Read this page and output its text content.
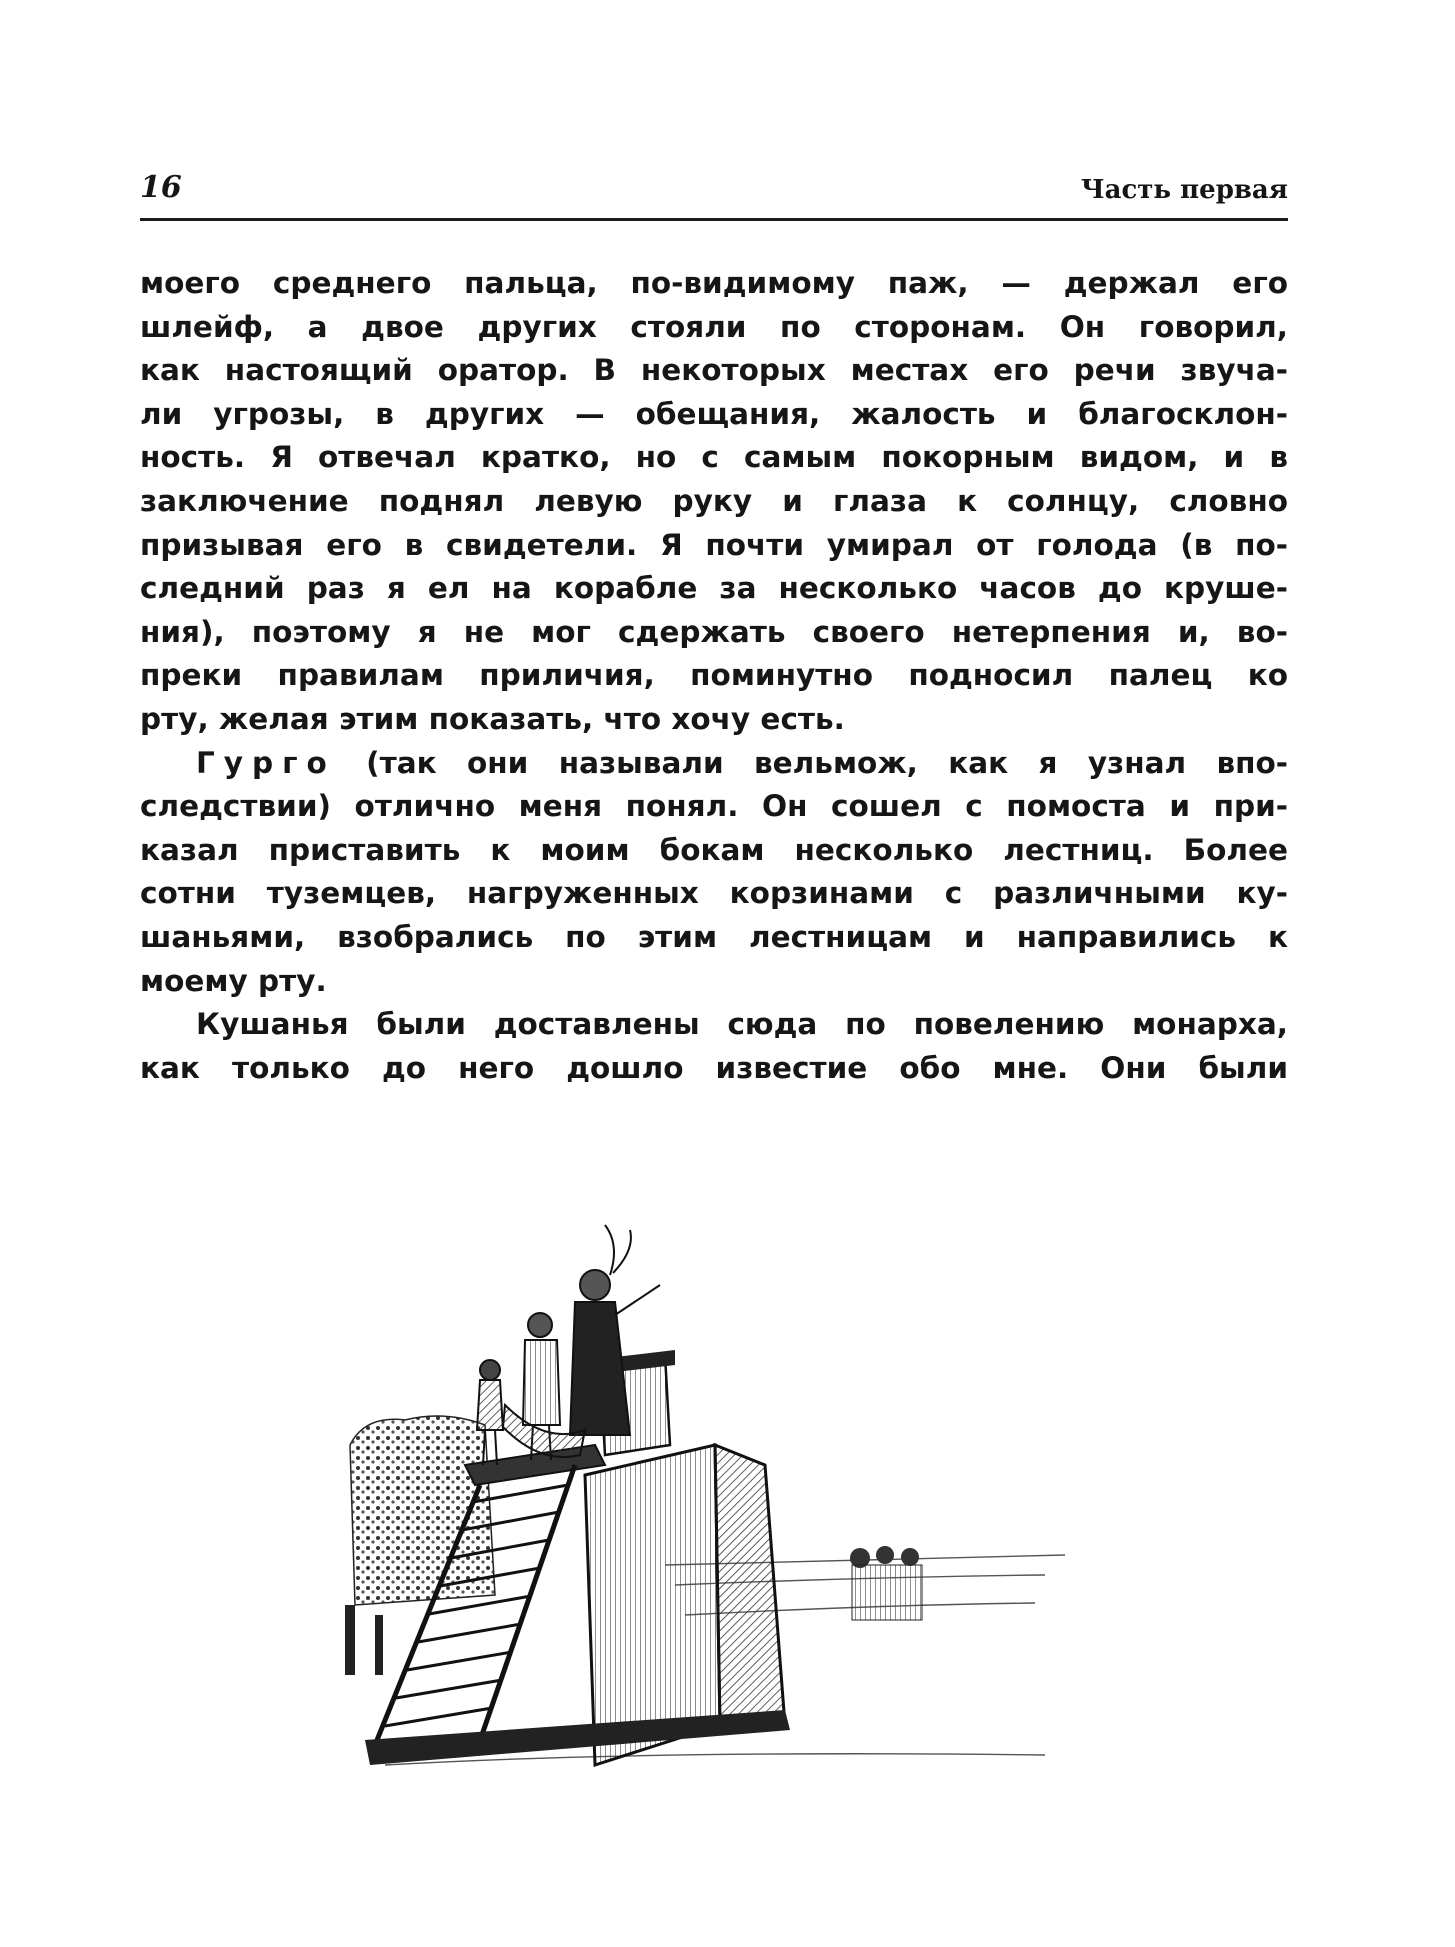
16	Часть первая

моего среднего пальца, по-видимому паж, — держал его
шлейф, а двое других стояли по сторонам. Он говорил,
как настоящий оратор. В некоторых местах его речи звуча-
ли угрозы, в других — обещания, жалость и благосклон-
ность. Я отвечал кратко, но с самым покорным видом, и в
заключение поднял левую руку и глаза к солнцу, словно
призывая его в свидетели. Я почти умирал от голода (в по-
следний раз я ел на корабле за несколько часов до круше-
ния), поэтому я не мог сдержать своего нетерпения и, во-
преки правилам приличия, поминутно подносил палец ко
рту, желая этим показать, что хочу есть.

Гурго (так они называли вельмож, как я узнал впо-
следствии) отлично меня понял. Он сошел с помоста и при-
казал приставить к моим бокам несколько лестниц. Более
сотни туземцев, нагруженных корзинами с различными ку-
шаньями, взобрались по этим лестницам и направились к
моему рту.

Кушанья были доставлены сюда по повелению монарха,
как только до него дошло известие обо мне. Они были
